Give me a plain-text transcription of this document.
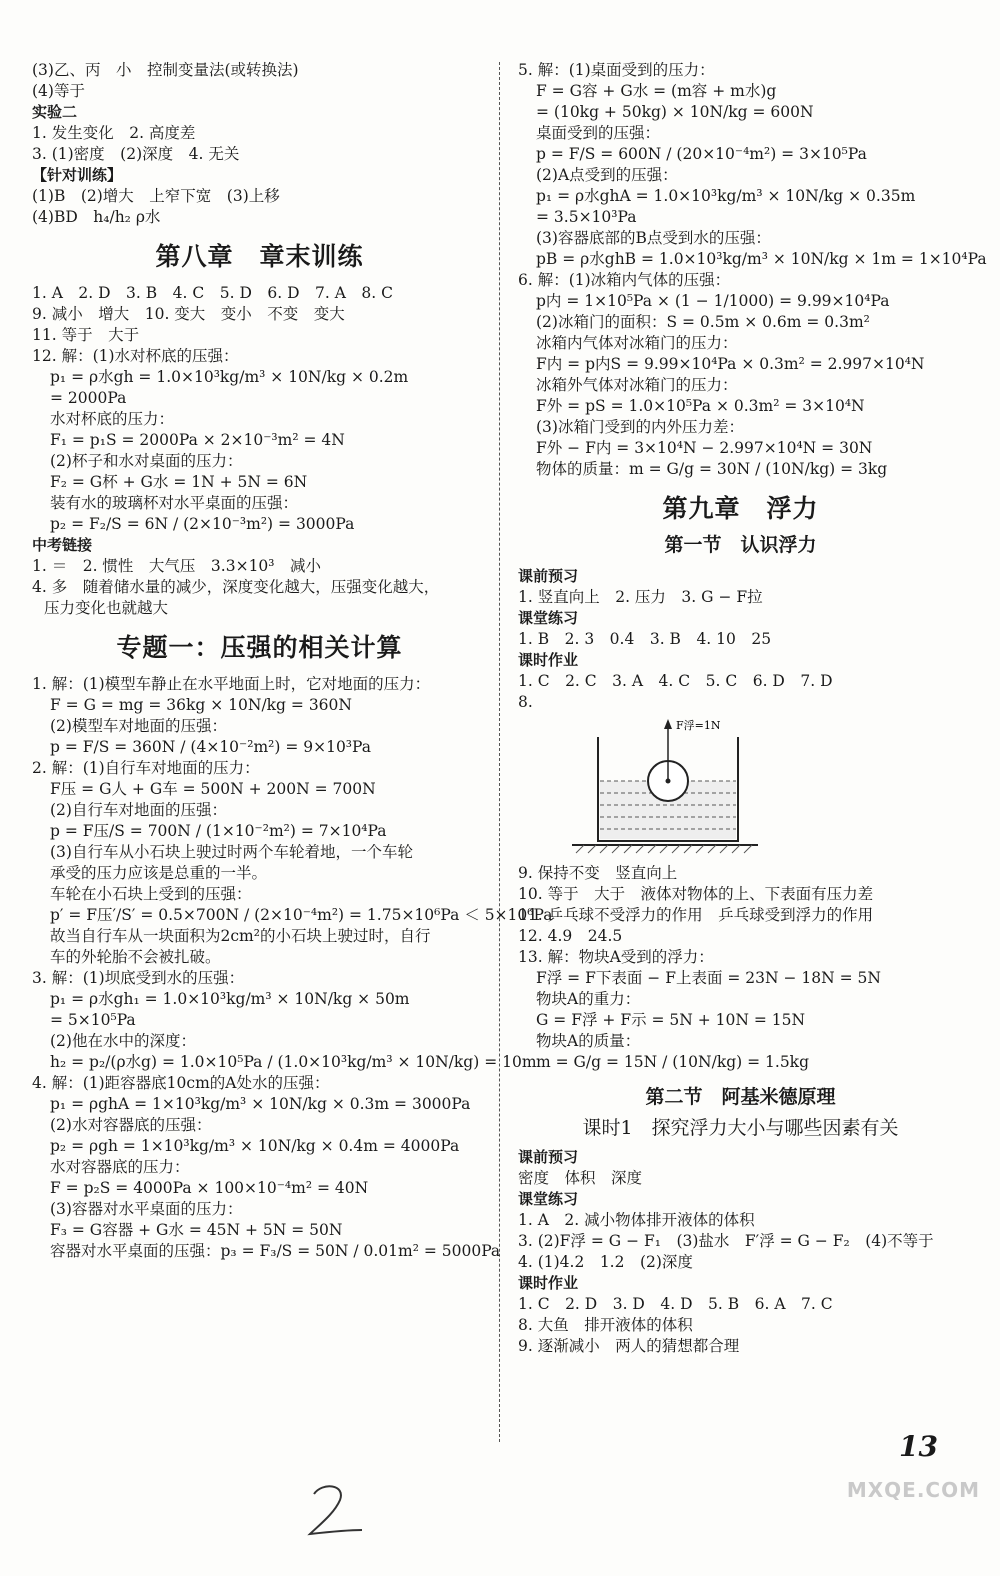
(3)乙、丙　小　控制变量法(或转换法)
(4)等于
实验二
1. 发生变化　2. 高度差
3. (1)密度　(2)深度　4. 无关
【针对训练】
(1)B　(2)增大　上窄下宽　(3)上移
(4)BD　h₄/h₂ ρ水
第八章　章末训练
1. A　2. D　3. B　4. C　5. D　6. D　7. A　8. C
9. 减小　增大　10. 变大　变小　不变　变大
11. 等于　大于
12. 解：(1)水对杯底的压强：
p₁ = ρ水gh = 1.0×10³kg/m³ × 10N/kg × 0.2m
= 2000Pa
水对杯底的压力：
F₁ = p₁S = 2000Pa × 2×10⁻³m² = 4N
(2)杯子和水对桌面的压力：
F₂ = G杯 + G水 = 1N + 5N = 6N
装有水的玻璃杯对水平桌面的压强：
p₂ = F₂/S = 6N / (2×10⁻³m²) = 3000Pa
中考链接
1. ＝　2. 惯性　大气压　3.3×10³　减小
4. 多　随着储水量的减少，深度变化越大，压强变化越大，
压力变化也就越大
专题一：压强的相关计算
1. 解：(1)模型车静止在水平地面上时，它对地面的压力：
F = G = mg = 36kg × 10N/kg = 360N
(2)模型车对地面的压强：
p = F/S = 360N / (4×10⁻²m²) = 9×10³Pa
2. 解：(1)自行车对地面的压力：
F压 = G人 + G车 = 500N + 200N = 700N
(2)自行车对地面的压强：
p = F压/S = 700N / (1×10⁻²m²) = 7×10⁴Pa
(3)自行车从小石块上驶过时两个车轮着地，一个车轮
承受的压力应该是总重的一半。
车轮在小石块上受到的压强：
p′ = F压′/S′ = 0.5×700N / (2×10⁻⁴m²) = 1.75×10⁶Pa ＜ 5×10⁶Pa
故当自行车从一块面积为2cm²的小石块上驶过时，自行
车的外轮胎不会被扎破。
3. 解：(1)坝底受到水的压强：
p₁ = ρ水gh₁ = 1.0×10³kg/m³ × 10N/kg × 50m
= 5×10⁵Pa
(2)他在水中的深度：
h₂ = p₂/(ρ水g) = 1.0×10⁵Pa / (1.0×10³kg/m³ × 10N/kg) = 10m
4. 解：(1)距容器底10cm的A处水的压强：
p₁ = ρghA = 1×10³kg/m³ × 10N/kg × 0.3m = 3000Pa
(2)水对容器底的压强：
p₂ = ρgh = 1×10³kg/m³ × 10N/kg × 0.4m = 4000Pa
水对容器底的压力：
F = p₂S = 4000Pa × 100×10⁻⁴m² = 40N
(3)容器对水平桌面的压力：
F₃ = G容器 + G水 = 45N + 5N = 50N
容器对水平桌面的压强：p₃ = F₃/S = 50N / 0.01m² = 5000Pa
5. 解：(1)桌面受到的压力：
F = G容 + G水 = (m容 + m水)g
= (10kg + 50kg) × 10N/kg = 600N
桌面受到的压强：
p = F/S = 600N / (20×10⁻⁴m²) = 3×10⁵Pa
(2)A点受到的压强：
p₁ = ρ水ghA = 1.0×10³kg/m³ × 10N/kg × 0.35m
= 3.5×10³Pa
(3)容器底部的B点受到水的压强：
pB = ρ水ghB = 1.0×10³kg/m³ × 10N/kg × 1m = 1×10⁴Pa
6. 解：(1)冰箱内气体的压强：
p内 = 1×10⁵Pa × (1 − 1/1000) = 9.99×10⁴Pa
(2)冰箱门的面积：S = 0.5m × 0.6m = 0.3m²
冰箱内气体对冰箱门的压力：
F内 = p内S = 9.99×10⁴Pa × 0.3m² = 2.997×10⁴N
冰箱外气体对冰箱门的压力：
F外 = pS = 1.0×10⁵Pa × 0.3m² = 3×10⁴N
(3)冰箱门受到的内外压力差：
F外 − F内 = 3×10⁴N − 2.997×10⁴N = 30N
物体的质量：m = G/g = 30N / (10N/kg) = 3kg
第九章　浮力
第一节　认识浮力
课前预习
1. 竖直向上　2. 压力　3. G − F拉
课堂练习
1. B　2. 3　0.4　3. B　4. 10　25
课时作业
1. C　2. C　3. A　4. C　5. C　6. D　7. D
8.
F浮=1N
9. 保持不变　竖直向上
10. 等于　大于　液体对物体的上、下表面有压力差
11. 乒乓球不受浮力的作用　乒乓球受到浮力的作用
12. 4.9　24.5
13. 解：物块A受到的浮力：
F浮 = F下表面 − F上表面 = 23N − 18N = 5N
物块A的重力：
G = F浮 + F示 = 5N + 10N = 15N
物块A的质量：
m = G/g = 15N / (10N/kg) = 1.5kg
第二节　阿基米德原理
课时1　探究浮力大小与哪些因素有关
课前预习
密度　体积　深度
课堂练习
1. A　2. 减小物体排开液体的体积
3. (2)F浮 = G − F₁　(3)盐水　F′浮 = G − F₂　(4)不等于
4. (1)4.2　1.2　(2)深度
课时作业
1. C　2. D　3. D　4. D　5. B　6. A　7. C
8. 大鱼　排开液体的体积
9. 逐渐减小　两人的猜想都合理
13
MXQE.COM
